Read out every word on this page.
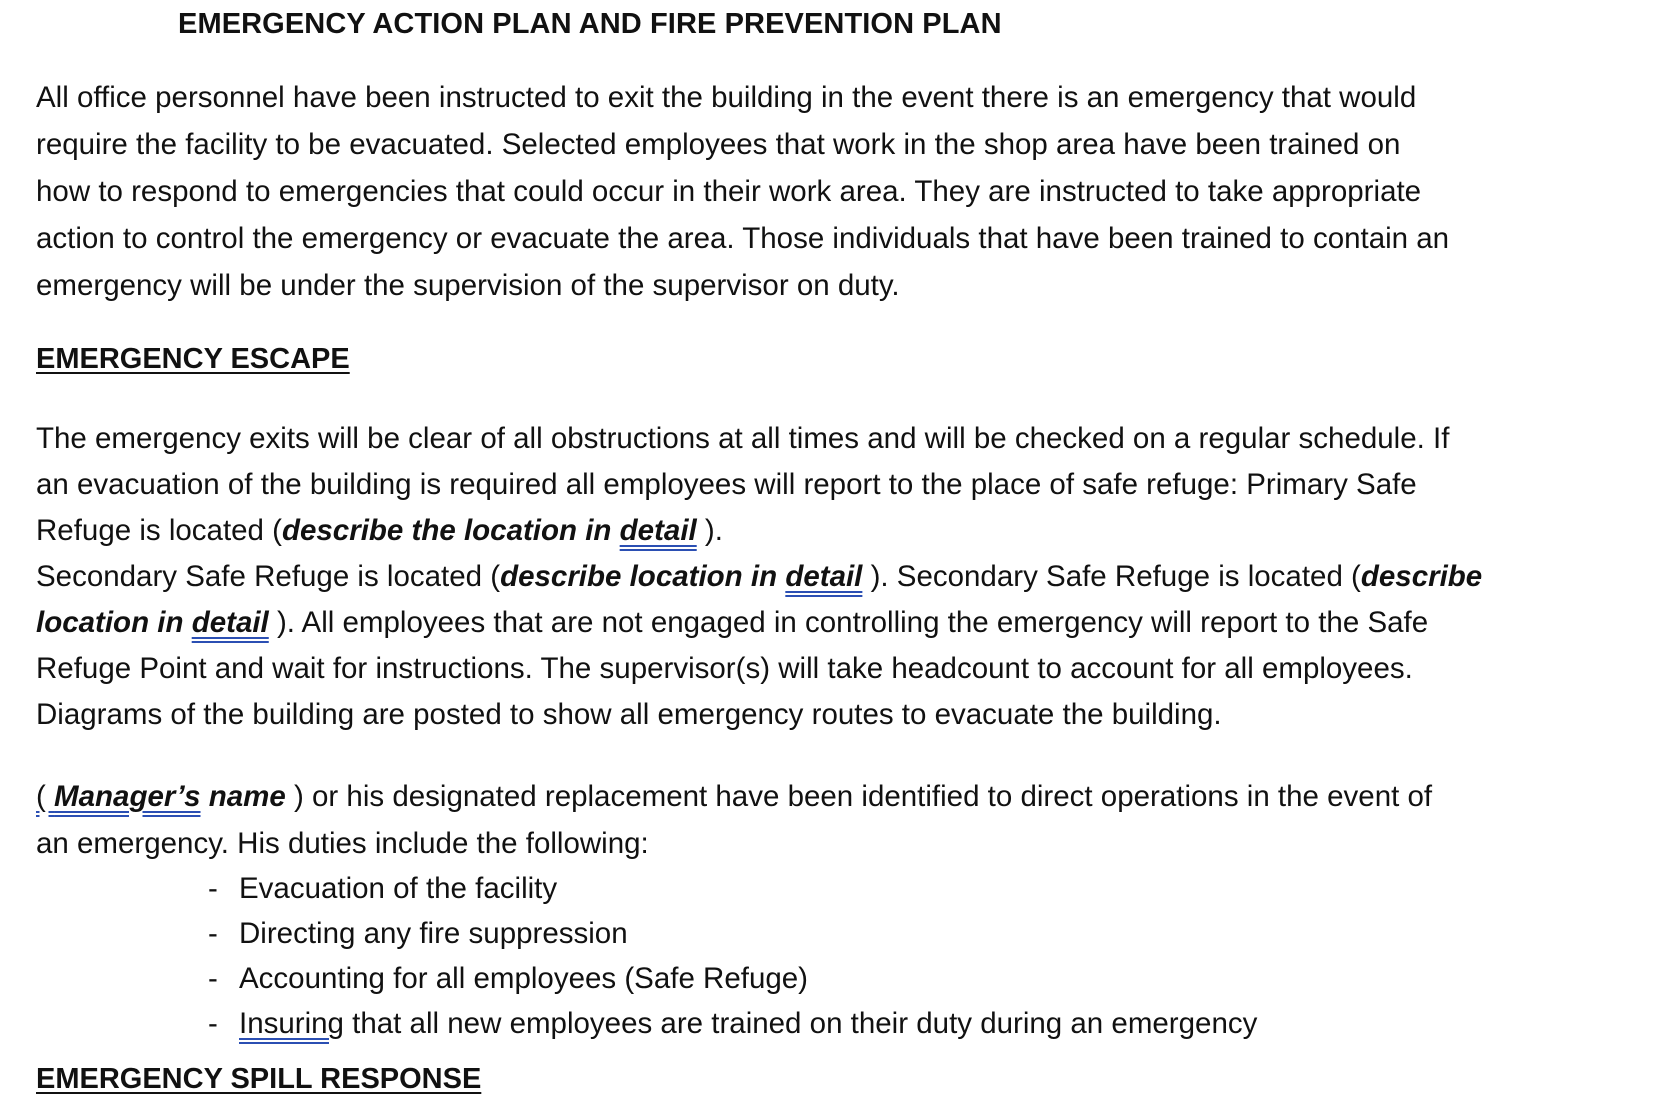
EMERGENCY ACTION PLAN AND FIRE PREVENTION PLAN

All office personnel have been instructed to exit the building in the event there is an emergency that would
require the facility to be evacuated. Selected employees that work in the shop area have been trained on
how to respond to emergencies that could occur in their work area. They are instructed to take appropriate
action to control the emergency or evacuate the area. Those individuals that have been trained to contain an
emergency will be under the supervision of the supervisor on duty.

EMERGENCY ESCAPE

The emergency exits will be clear of all obstructions at all times and will be checked on a regular schedule. If
an evacuation of the building is required all employees will report to the place of safe refuge: Primary Safe
Refuge is located (describe the location in detail ).
Secondary Safe Refuge is located (describe location in detail ). Secondary Safe Refuge is located (describe
location in detail ). All employees that are not engaged in controlling the emergency will report to the Safe
Refuge Point and wait for instructions. The supervisor(s) will take headcount to account for all employees.
Diagrams of the building are posted to show all emergency routes to evacuate the building.

( Manager’s name ) or his designated replacement have been identified to direct operations in the event of
an emergency. His duties include the following:

- Evacuation of the facility
- Directing any fire suppression
- Accounting for all employees (Safe Refuge)
- Insuring that all new employees are trained on their duty during an emergency
EMERGENCY SPILL RESPONSE
